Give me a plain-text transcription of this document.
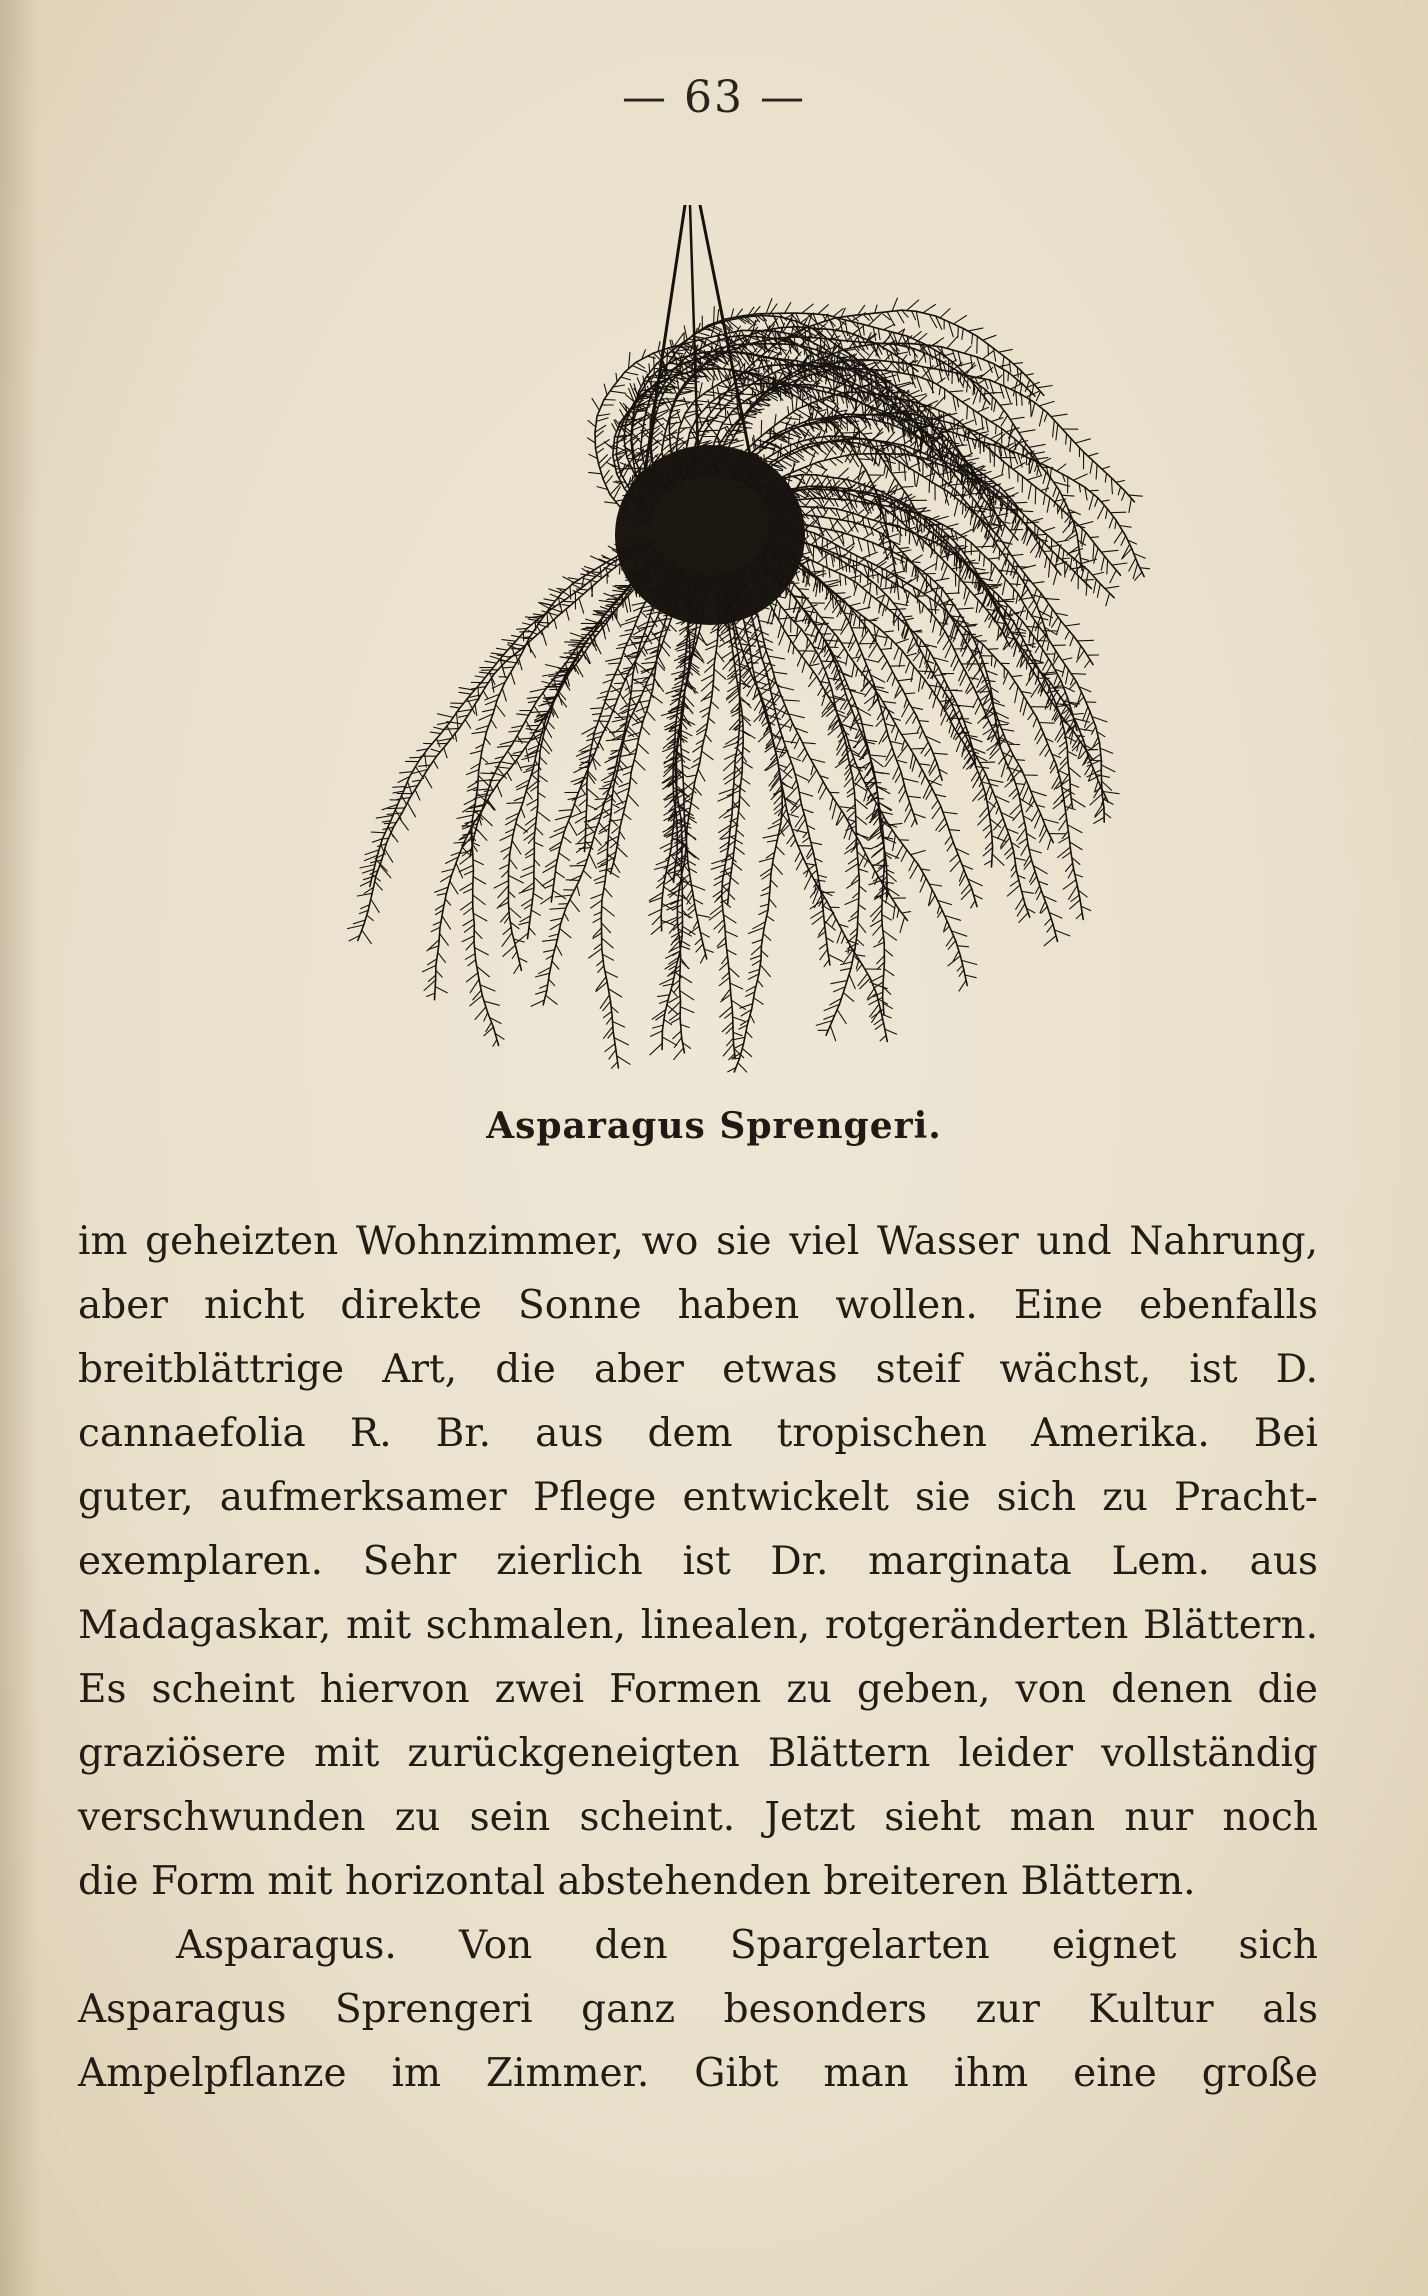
— 63 —
Asparagus Sprengeri.
im geheizten Wohnzimmer, wo sie viel Wasser und Nahrung,
aber nicht direkte Sonne haben wollen. Eine ebenfalls
breitblättrige Art, die aber etwas steif wächst, ist D.
cannaefolia R. Br. aus dem tropischen Amerika. Bei
guter, aufmerksamer Pflege entwickelt sie sich zu Pracht-
exemplaren. Sehr zierlich ist Dr. marginata Lem. aus
Madagaskar, mit schmalen, linealen, rotgeränderten Blättern.
Es scheint hiervon zwei Formen zu geben, von denen die
graziösere mit zurückgeneigten Blättern leider vollständig
verschwunden zu sein scheint. Jetzt sieht man nur noch
die Form mit horizontal abstehenden breiteren Blättern.
Asparagus. Von den Spargelarten eignet sich
Asparagus Sprengeri ganz besonders zur Kultur als
Ampelpflanze im Zimmer. Gibt man ihm eine große
